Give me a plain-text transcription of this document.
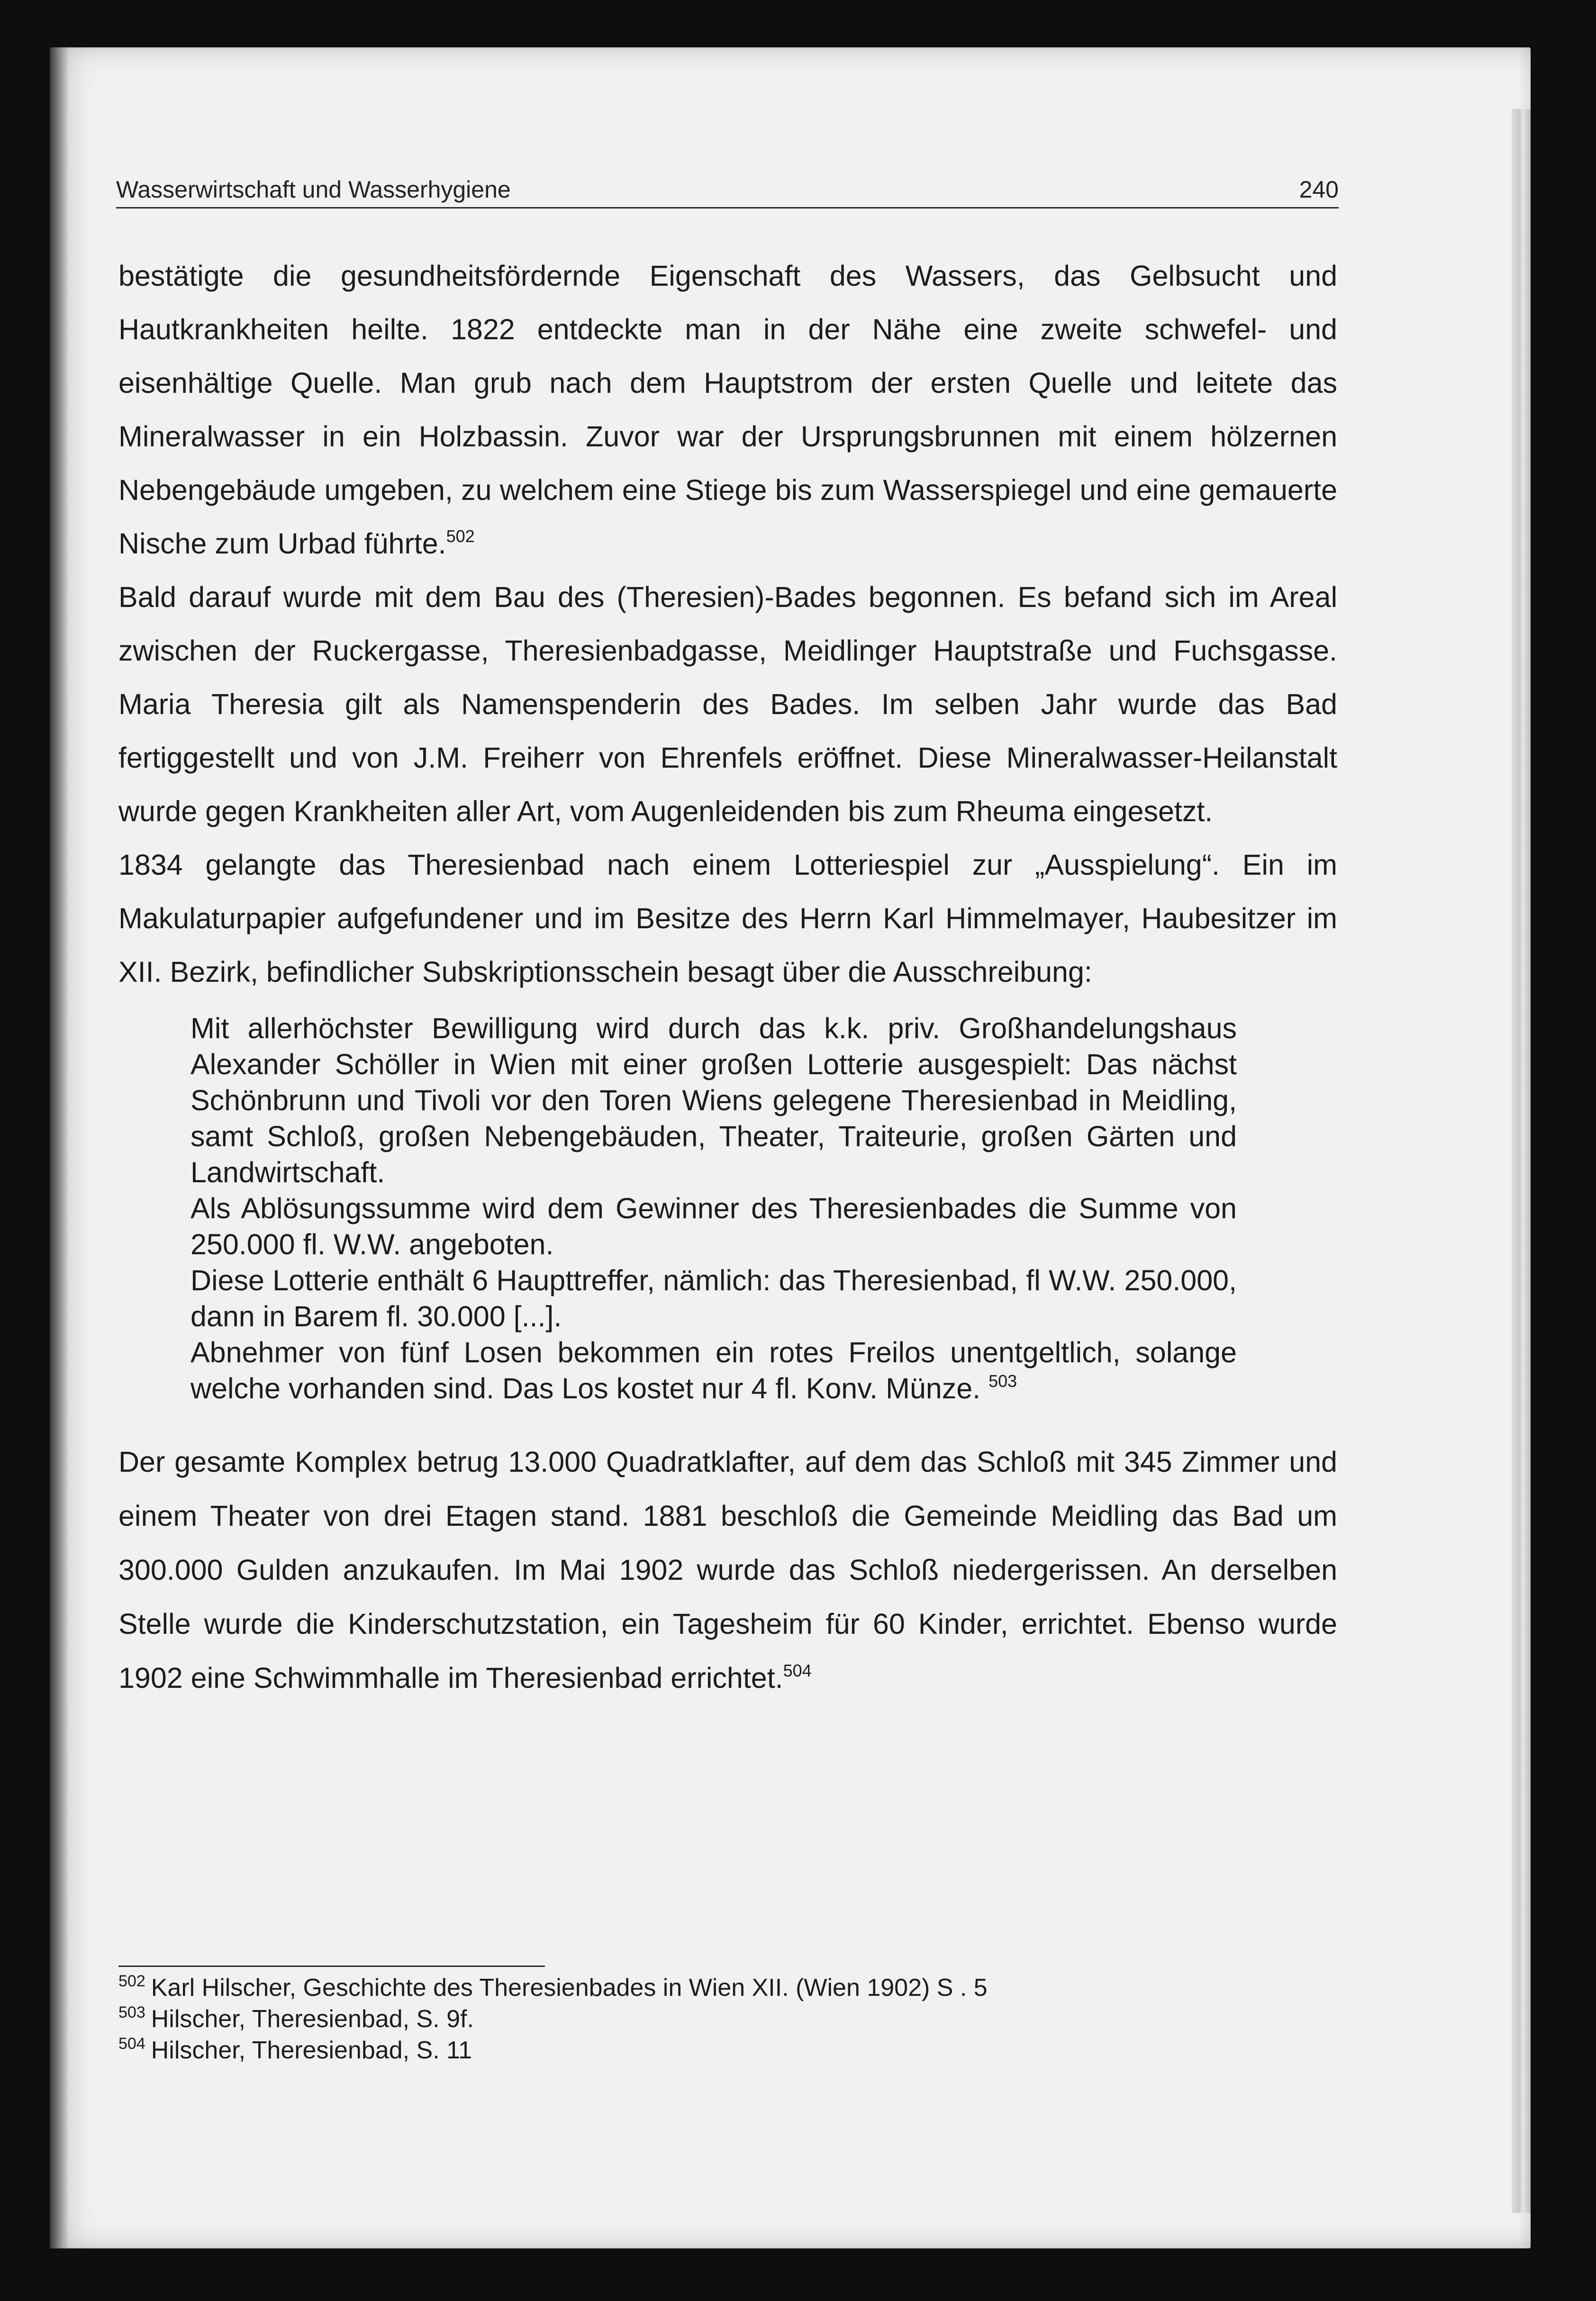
Wasserwirtschaft und Wasserhygiene	240

bestätigte die gesundheitsfördernde Eigenschaft des Wassers, das Gelbsucht und Hautkrankheiten heilte. 1822 entdeckte man in der Nähe eine zweite schwefel- und eisenhältige Quelle. Man grub nach dem Hauptstrom der ersten Quelle und leitete das Mineralwasser in ein Holzbassin. Zuvor war der Ursprungsbrunnen mit einem hölzernen Nebengebäude umgeben, zu welchem eine Stiege bis zum Wasserspiegel und eine gemauerte Nische zum Urbad führte.$^{502}$

Bald darauf wurde mit dem Bau des (Theresien)-Bades begonnen. Es befand sich im Areal zwischen der Ruckergasse, Theresienbadgasse, Meidlinger Hauptstraße und Fuchsgasse. Maria Theresia gilt als Namenspenderin des Bades. Im selben Jahr wurde das Bad fertiggestellt und von J.M. Freiherr von Ehrenfels eröffnet. Diese Mineralwasser-Heilanstalt wurde gegen Krankheiten aller Art, vom Augenleidenden bis zum Rheuma eingesetzt.

1834 gelangte das Theresienbad nach einem Lotteriespiel zur „Ausspielung“. Ein im Makulaturpapier aufgefundener und im Besitze des Herrn Karl Himmelmayer, Haubesitzer im XII. Bezirk, befindlicher Subskriptionsschein besagt über die Ausschreibung:

Mit allerhöchster Bewilligung wird durch das k.k. priv. Großhandelungshaus Alexander Schöller in Wien mit einer großen Lotterie ausgespielt: Das nächst Schönbrunn und Tivoli vor den Toren Wiens gelegene Theresienbad in Meidling, samt Schloß, großen Nebengebäuden, Theater, Traiteurie, großen Gärten und Landwirtschaft.

Als Ablösungssumme wird dem Gewinner des Theresienbades die Summe von 250.000 fl. W.W. angeboten.

Diese Lotterie enthält 6 Haupttreffer, nämlich: das Theresienbad, fl W.W. 250.000, dann in Barem fl. 30.000 [...].

Abnehmer von fünf Losen bekommen ein rotes Freilos unentgeltlich, solange welche vorhanden sind. Das Los kostet nur 4 fl. Konv. Münze. $^{503}$

Der gesamte Komplex betrug 13.000 Quadratklafter, auf dem das Schloß mit 345 Zimmer und einem Theater von drei Etagen stand. 1881 beschloß die Gemeinde Meidling das Bad um 300.000 Gulden anzukaufen. Im Mai 1902 wurde das Schloß niedergerissen. An derselben Stelle wurde die Kinderschutzstation, ein Tagesheim für 60 Kinder, errichtet. Ebenso wurde 1902 eine Schwimmhalle im Theresienbad errichtet.$^{504}$

$^{502}$ Karl Hilscher, Geschichte des Theresienbades in Wien XII. (Wien 1902) S . 5
$^{503}$ Hilscher, Theresienbad, S. 9f.
$^{504}$ Hilscher, Theresienbad, S. 11
